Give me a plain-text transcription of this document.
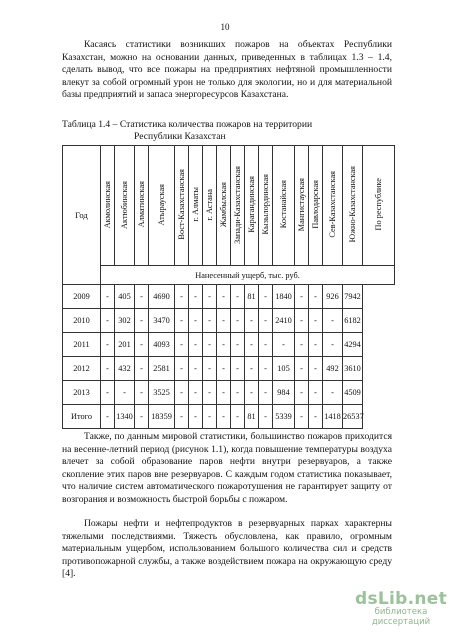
10

Касаясь статистики возникших пожаров на объектах Республики Казахстан, можно на основании данных, приведенных в таблицах 1.3 – 1.4, сделать вывод, что все пожары на предприятиях нефтяной промышленности влекут за собой огромный урон не только для экологии, но и для материальной базы предприятий и запаса энергоресурсов Казахстана.

Таблица 1.4 – Статистика количества пожаров на территории
Республики Казахстан
Год	Акмолинская	Актюбинская	Алматинская	Атырауская	Вост-Казахстанская	г. Алматы	г. Астана	Жамбылская	Запади-Казахстанская	Карагандинская	Кызылординская	Костанайская	Мангистауская	Павлодарская	Сев-Казахстанская	Южно-Казахстанская	По республике
	Нанесенный ущерб, тыс. руб.																
2009	-	405	-	4690	-	-	-	-	-	81	-	1840	-	-	926	7942	
2010	-	302	-	3470	-	-	-	-	-	-	-	2410	-	-	-	6182	
2011	-	201	-	4093	-	-	-	-	-	-	-	-	-	-	-	4294	
2012	-	432	-	2581	-	-	-	-	-	-	-	105	-	-	492	3610	
2013	-	-	-	3525	-	-	-	-	-	-	-	984	-	-	-	4509	
Итого	-	1340	-	18359	-	-	-	-	-	81	-	5339	-	-	1418	26537	

Также, по данным мировой статистики, большинство пожаров приходится на весенне-летний период (рисунок 1.1), когда повышение температуры воздуха влечет за собой образование паров нефти внутри резервуаров, а также скопление этих паров вне резервуаров. С каждым годом статистика показывает, что наличие систем автоматического пожаротушения не гарантирует защиту от возгорания и возможность быстрой борьбы с пожаром.

Пожары нефти и нефтепродуктов в резервуарных парках характерны тяжелыми последствиями. Тяжесть обусловлена, как правило, огромным материальным ущербом, использованием большого количества сил и средств противопожарной службы, а также воздействием пожара на окружающую среду [4].

dsLib.net
библиотека диссертаций
